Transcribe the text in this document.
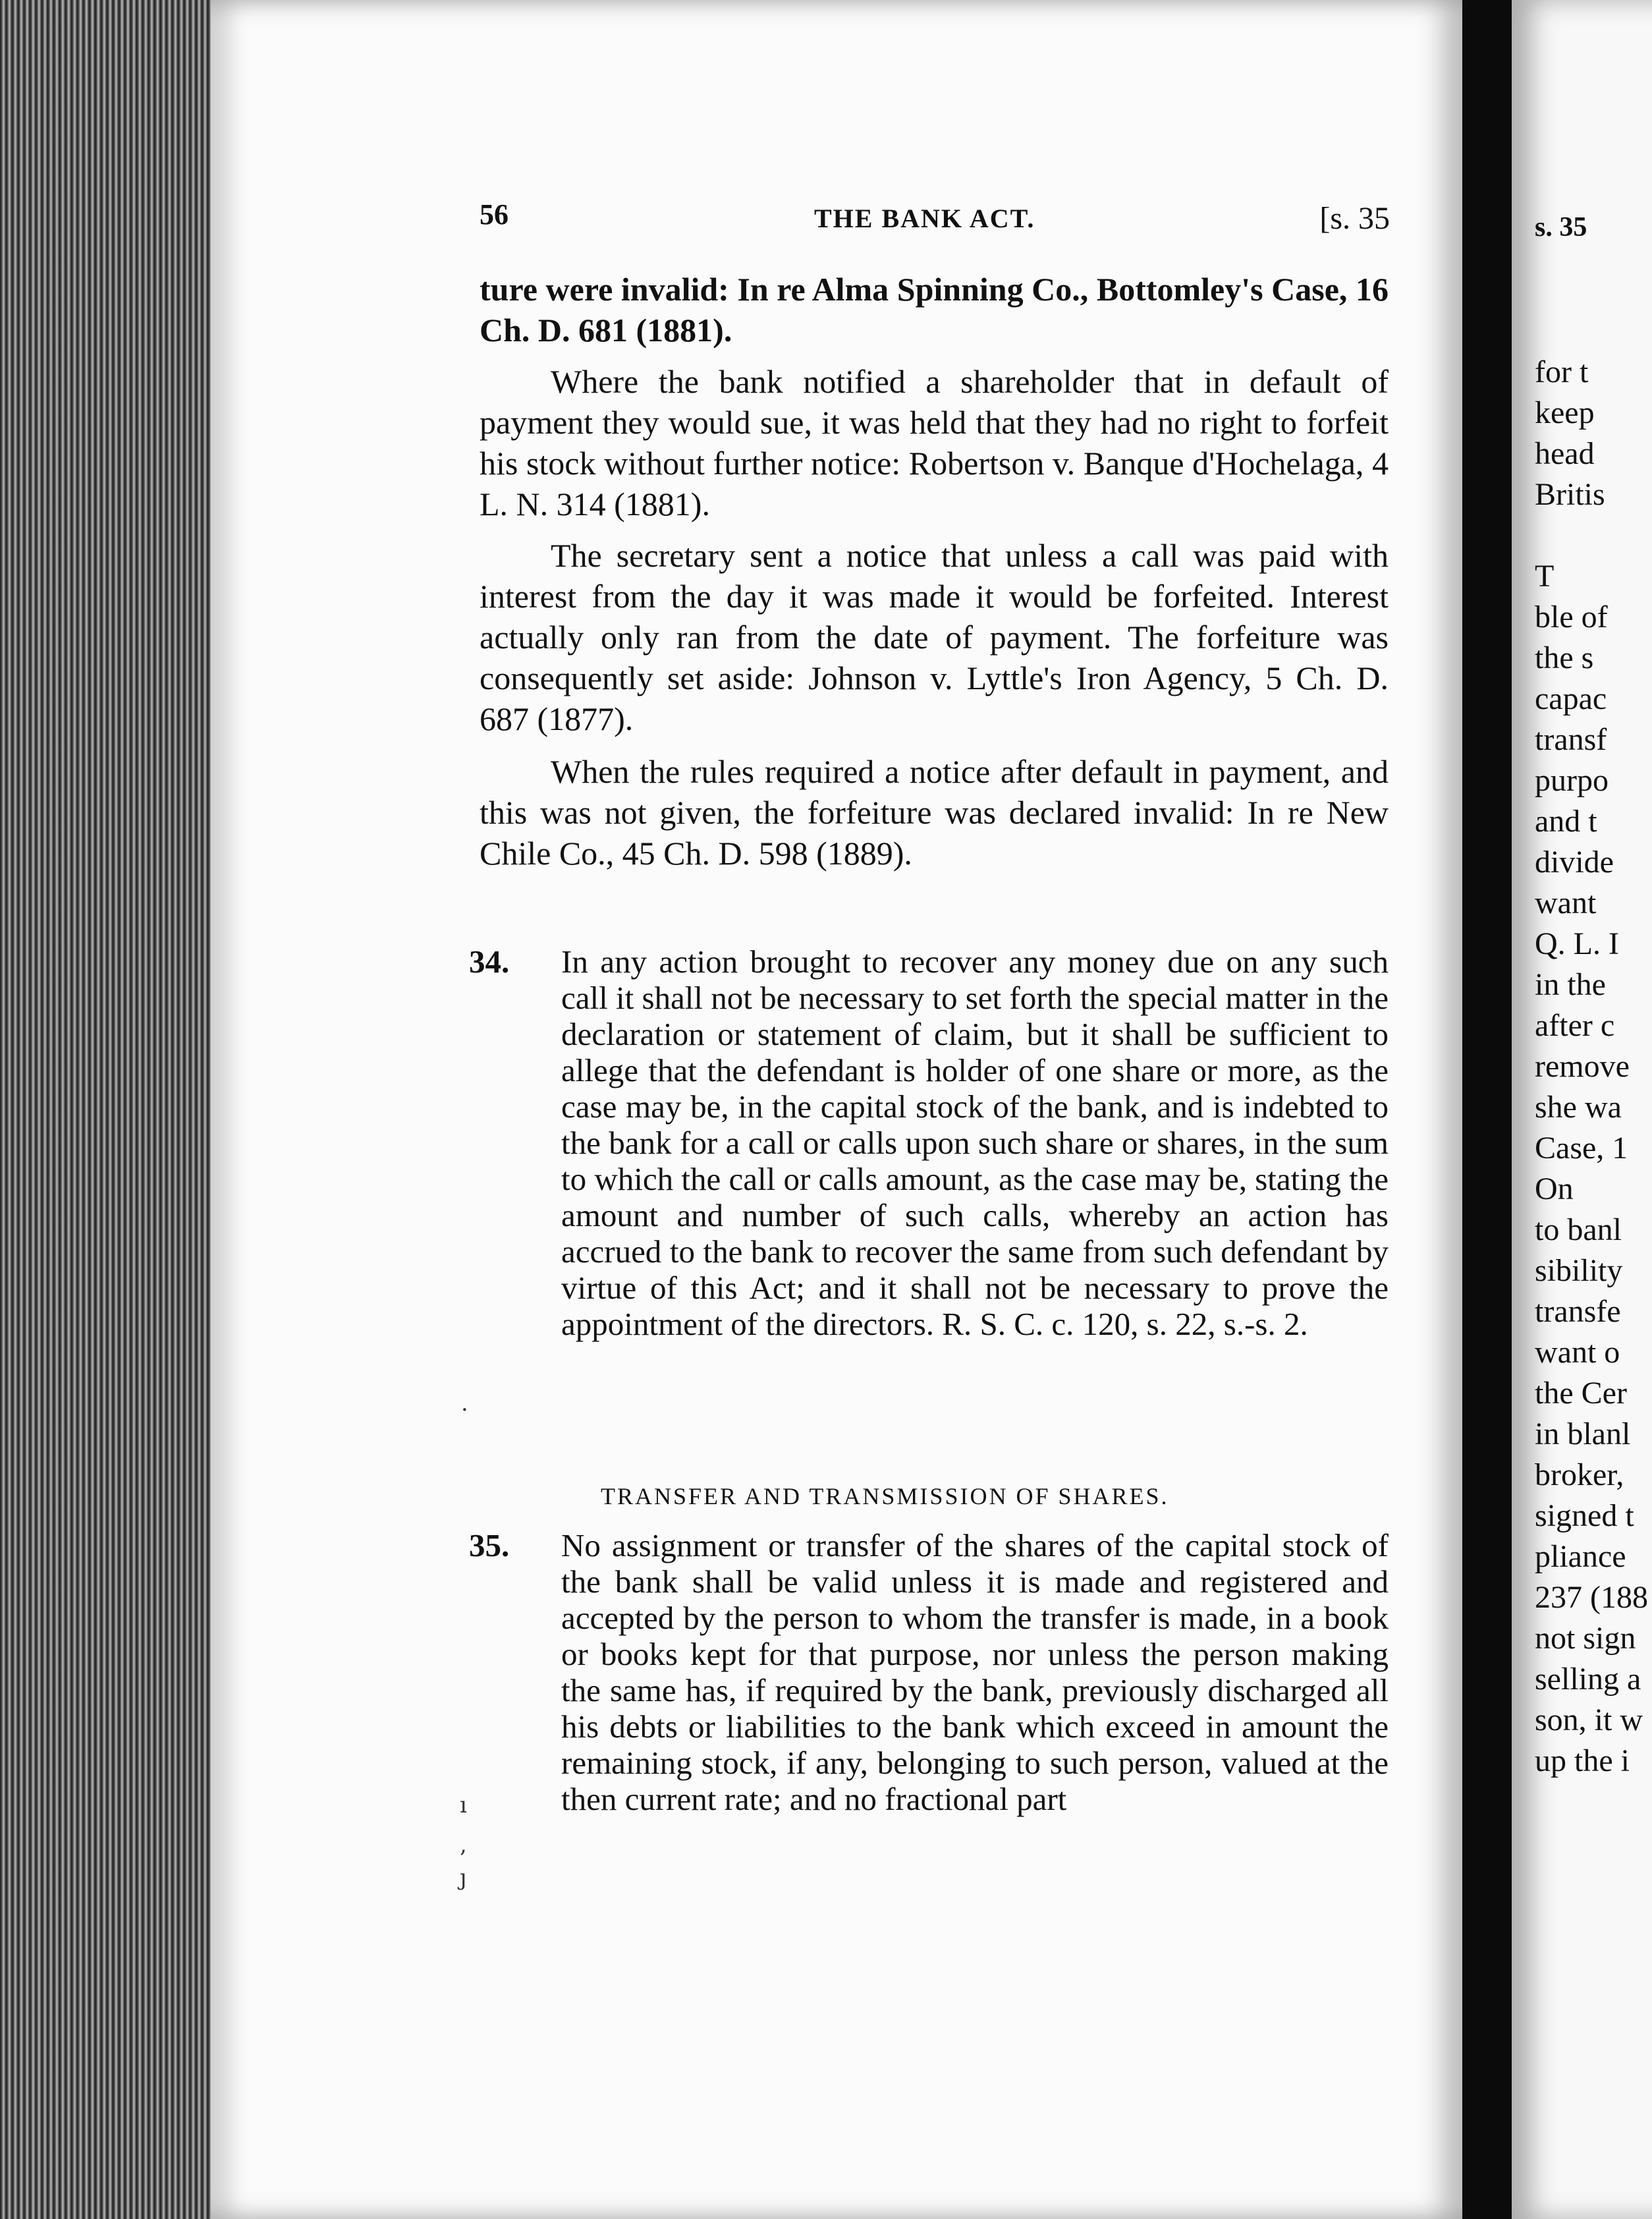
56	THE BANK ACT.	[s. 35
ture were invalid: In re Alma Spinning Co., Bottomley's Case, 16 Ch. D. 681 (1881).
Where the bank notified a shareholder that in default of payment they would sue, it was held that they had no right to forfeit his stock without further notice: Robertson v. Banque d'Hochelaga, 4 L. N. 314 (1881).
The secretary sent a notice that unless a call was paid with interest from the day it was made it would be forfeited. Interest actually only ran from the date of payment. The forfeiture was consequently set aside: Johnson v. Lyttle's Iron Agency, 5 Ch. D. 687 (1877).
When the rules required a notice after default in payment, and this was not given, the forfeiture was declared invalid: In re New Chile Co., 45 Ch. D. 598 (1889).
34. In any action brought to recover any money due on any such call it shall not be necessary to set forth the special matter in the declaration or statement of claim, but it shall be sufficient to allege that the defendant is holder of one share or more, as the case may be, in the capital stock of the bank, and is indebted to the bank for a call or calls upon such share or shares, in the sum to which the call or calls amount, as the case may be, stating the amount and number of such calls, whereby an action has accrued to the bank to recover the same from such defendant by virtue of this Act; and it shall not be necessary to prove the appointment of the directors. R. S. C. c. 120, s. 22, s.-s. 2.
TRANSFER AND TRANSMISSION OF SHARES.
35. No assignment or transfer of the shares of the capital stock of the bank shall be valid unless it is made and registered and accepted by the person to whom the transfer is made, in a book or books kept for that purpose, nor unless the person making the same has, if required by the bank, previously discharged all his debts or liabilities to the bank which exceed in amount the remaining stock, if any, belonging to such person, valued at the then current rate; and no fractional part
·
ı
,
ȷ
s. 35
for t
keep
head
Britis
T
ble of
the s
capac
transf
purpo
and t
divide
want
Q. L. I
in the
after c
remove
she wa
Case, 1
On
to banl
sibility
transfe
want o
the Cer
in blanl
broker,
signed t
pliance
237 (188
not sign
selling a
son, it w
up the i
